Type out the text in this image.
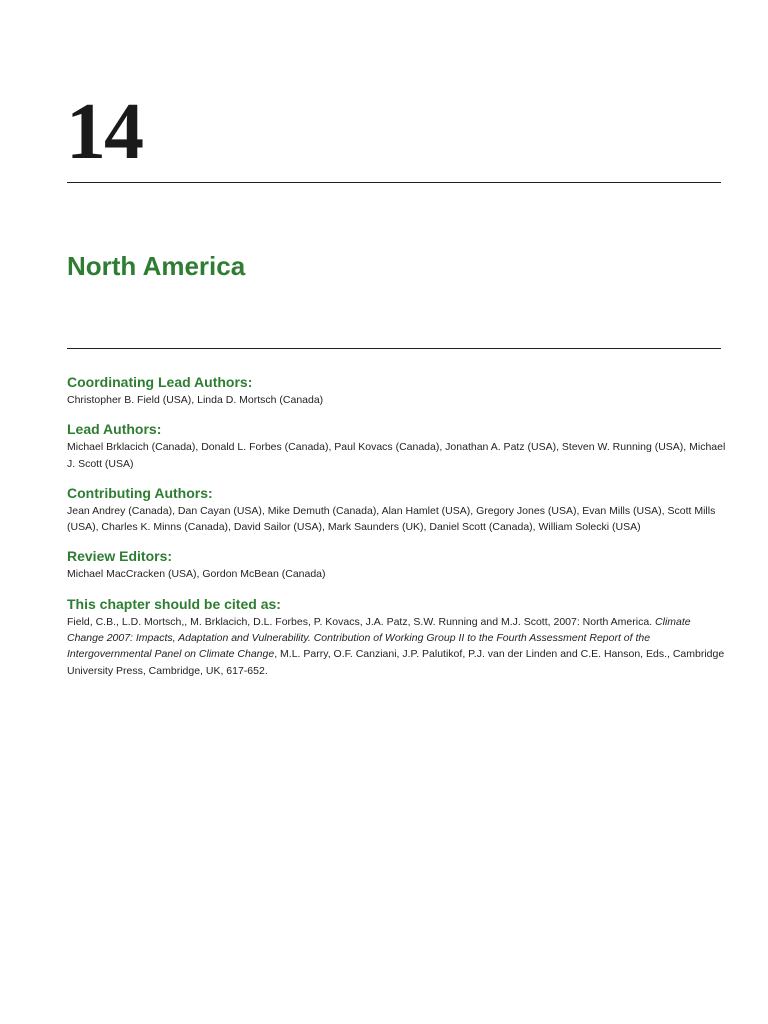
14
North America
Coordinating Lead Authors:

Christopher B. Field (USA), Linda D. Mortsch (Canada)

Lead Authors:

Michael Brklacich (Canada), Donald L. Forbes (Canada), Paul Kovacs (Canada), Jonathan A. Patz (USA), Steven W. Running (USA), Michael J. Scott (USA)

Contributing Authors:

Jean Andrey (Canada), Dan Cayan (USA), Mike Demuth (Canada), Alan Hamlet (USA), Gregory Jones (USA), Evan Mills (USA), Scott Mills (USA), Charles K. Minns (Canada), David Sailor (USA), Mark Saunders (UK), Daniel Scott (Canada), William Solecki (USA)

Review Editors:

Michael MacCracken (USA), Gordon McBean (Canada)

This chapter should be cited as:

Field, C.B., L.D. Mortsch,, M. Brklacich, D.L. Forbes, P. Kovacs, J.A. Patz, S.W. Running and M.J. Scott, 2007: North America. Climate Change 2007: Impacts, Adaptation and Vulnerability. Contribution of Working Group II to the Fourth Assessment Report of the Intergovernmental Panel on Climate Change, M.L. Parry, O.F. Canziani, J.P. Palutikof, P.J. van der Linden and C.E. Hanson, Eds., Cambridge University Press, Cambridge, UK, 617-652.
